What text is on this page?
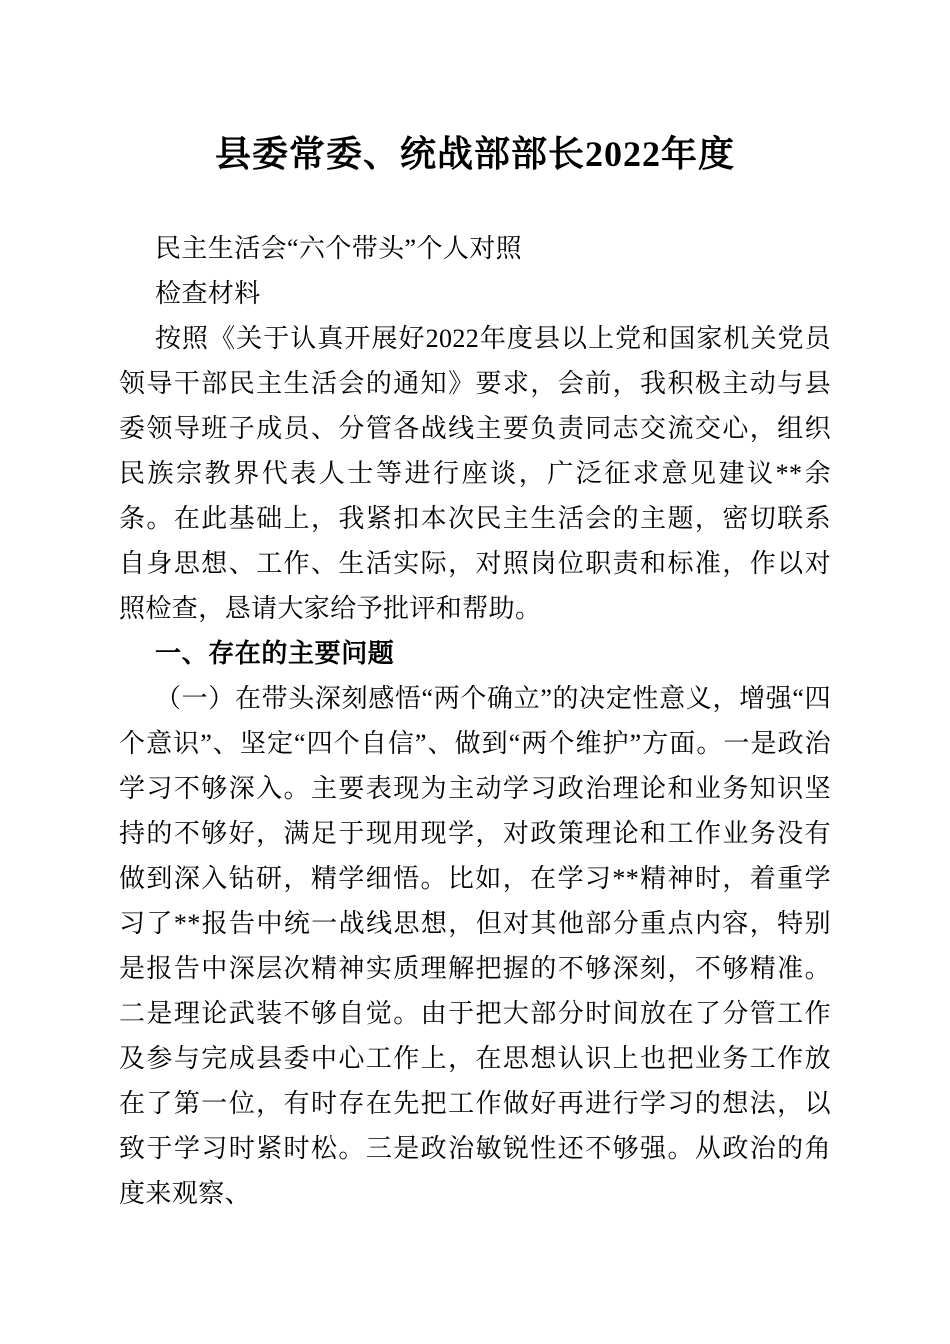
县委常委、统战部部长2022年度

民主生活会“六个带头”个人对照

检查材料

按照《关于认真开展好2022年度县以上党和国家机关党员领导干部民主生活会的通知》要求，会前，我积极主动与县委领导班子成员、分管各战线主要负责同志交流交心，组织民族宗教界代表人士等进行座谈，广泛征求意见建议**余条。在此基础上，我紧扣本次民主生活会的主题，密切联系自身思想、工作、生活实际，对照岗位职责和标准，作以对照检查，恳请大家给予批评和帮助。

一、存在的主要问题

（一）在带头深刻感悟“两个确立”的决定性意义，增强“四个意识”、坚定“四个自信”、做到“两个维护”方面。一是政治学习不够深入。主要表现为主动学习政治理论和业务知识坚持的不够好，满足于现用现学，对政策理论和工作业务没有做到深入钻研，精学细悟。比如，在学习**精神时，着重学习了**报告中统一战线思想，但对其他部分重点内容，特别是报告中深层次精神实质理解把握的不够深刻，不够精准。二是理论武装不够自觉。由于把大部分时间放在了分管工作及参与完成县委中心工作上，在思想认识上也把业务工作放在了第一位，有时存在先把工作做好再进行学习的想法，以致于学习时紧时松。三是政治敏锐性还不够强。从政治的角度来观察、
